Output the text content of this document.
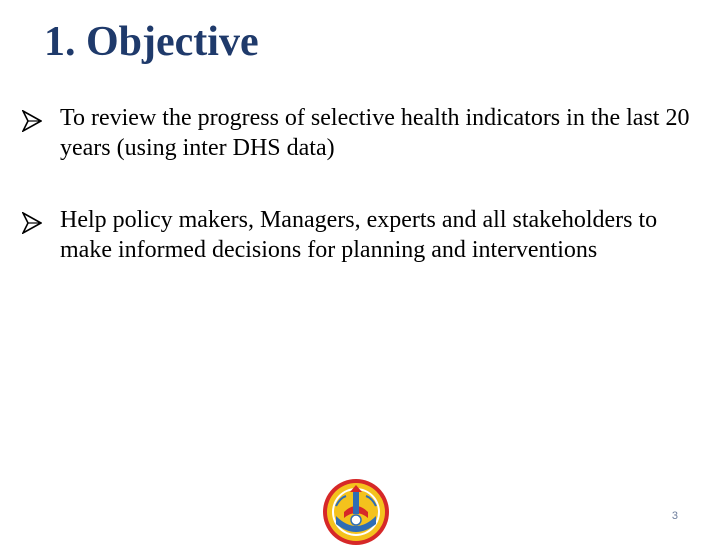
1. Objective
To review the progress of selective health indicators in the last 20 years (using inter DHS data)
Help policy makers, Managers, experts and all stakeholders to make informed decisions for planning and interventions
3
